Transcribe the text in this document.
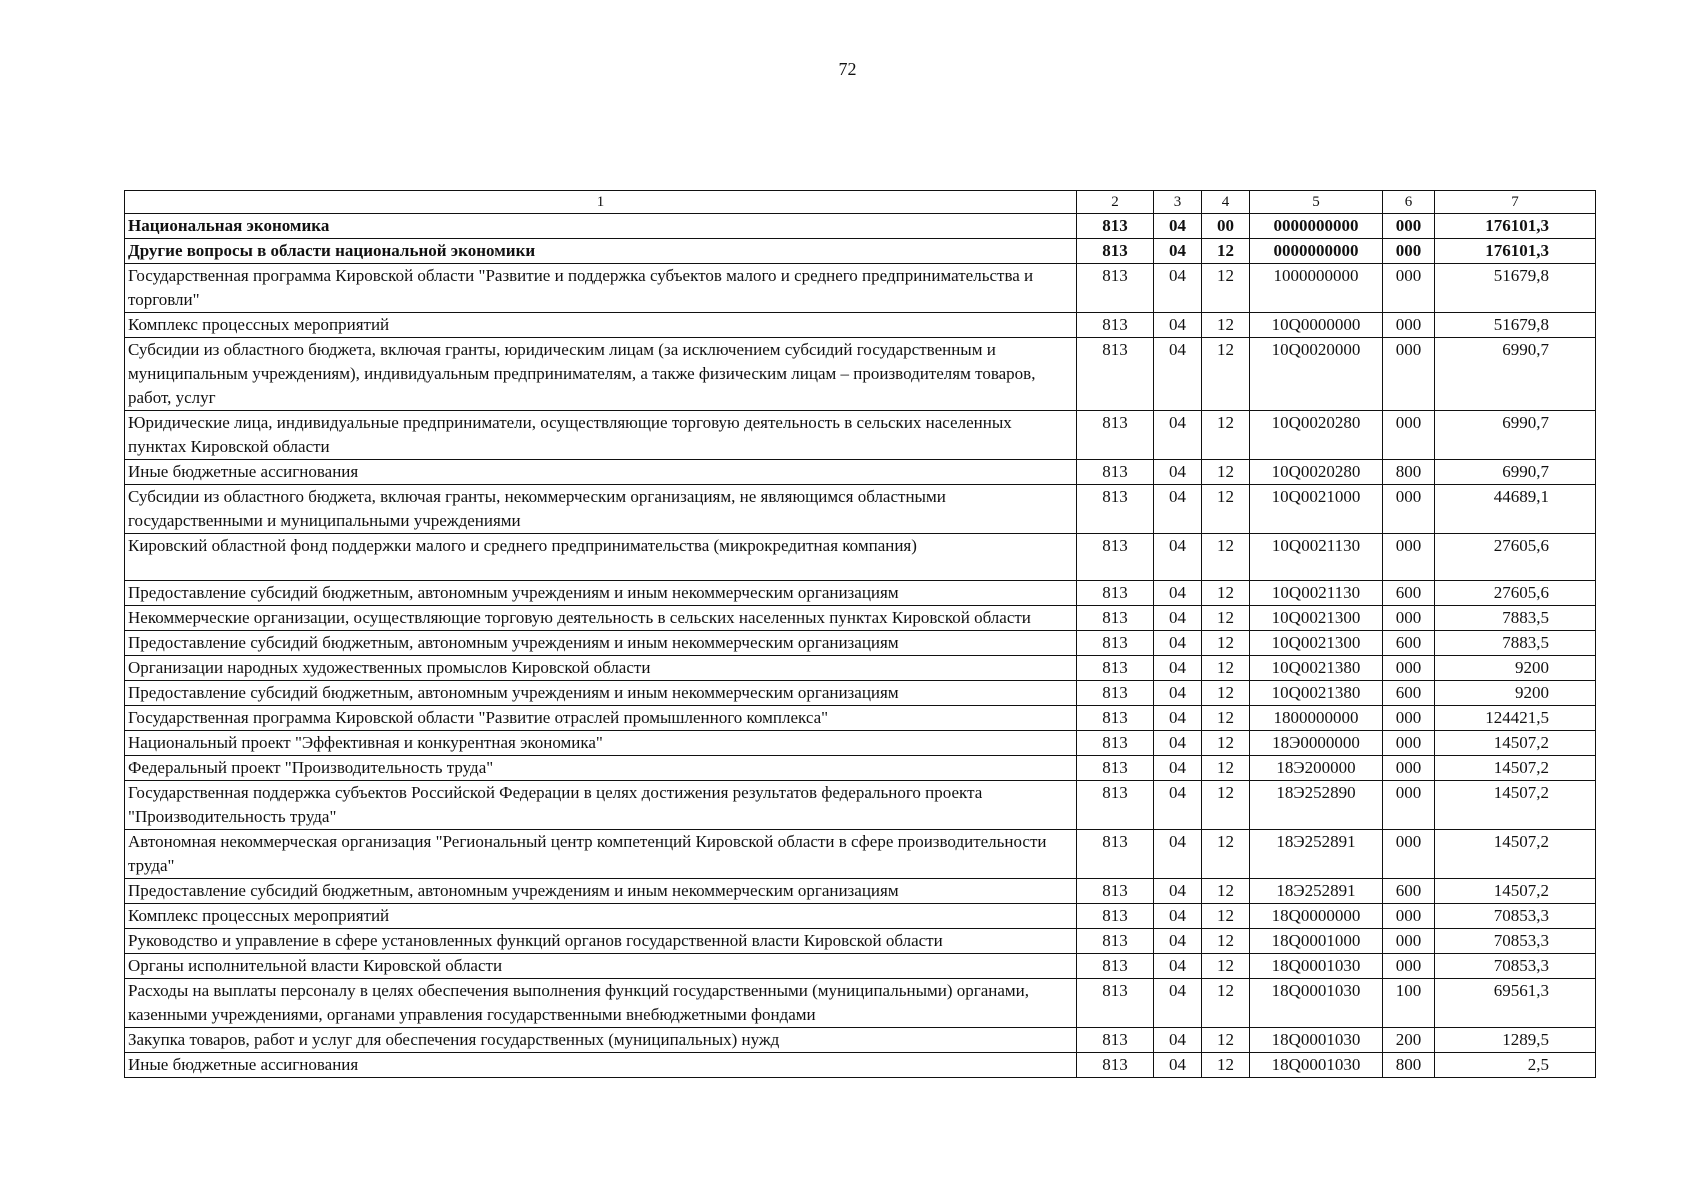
72
1	2	3	4	5	6	7
Национальная экономика	813	04	00	0000000000	000	176101,3
Другие вопросы в области национальной экономики	813	04	12	0000000000	000	176101,3
Государственная программа Кировской области "Развитие и поддержка субъектов малого и среднего предпринимательства и торговли"	813	04	12	1000000000	000	51679,8
Комплекс процессных мероприятий	813	04	12	10Q0000000	000	51679,8
Субсидии из областного бюджета, включая гранты, юридическим лицам (за исключением субсидий государственным и муниципальным учреждениям), индивидуальным предпринимателям, а также физическим лицам – производителям товаров, работ, услуг	813	04	12	10Q0020000	000	6990,7
Юридические лица, индивидуальные предприниматели, осуществляющие торговую деятельность в сельских населенных пунктах Кировской области	813	04	12	10Q0020280	000	6990,7
Иные бюджетные ассигнования	813	04	12	10Q0020280	800	6990,7
Субсидии из областного бюджета, включая гранты, некоммерческим организациям, не являющимся областными государственными и муниципальными учреждениями	813	04	12	10Q0021000	000	44689,1
Кировский областной фонд поддержки малого и среднего предпринимательства (микрокредитная компания)	813	04	12	10Q0021130	000	27605,6
Предоставление субсидий бюджетным, автономным учреждениям и иным некоммерческим организациям	813	04	12	10Q0021130	600	27605,6
Некоммерческие организации, осуществляющие торговую деятельность в сельских населенных пунктах Кировской области	813	04	12	10Q0021300	000	7883,5
Предоставление субсидий бюджетным, автономным учреждениям и иным некоммерческим организациям	813	04	12	10Q0021300	600	7883,5
Организации народных художественных промыслов Кировской области	813	04	12	10Q0021380	000	9200
Предоставление субсидий бюджетным, автономным учреждениям и иным некоммерческим организациям	813	04	12	10Q0021380	600	9200
Государственная программа Кировской области "Развитие отраслей промышленного комплекса"	813	04	12	1800000000	000	124421,5
Национальный проект "Эффективная и конкурентная экономика"	813	04	12	18Э0000000	000	14507,2
Федеральный проект "Производительность труда"	813	04	12	18Э200000	000	14507,2
Государственная поддержка субъектов Российской Федерации в целях достижения результатов федерального проекта "Производительность труда"	813	04	12	18Э252890	000	14507,2
Автономная некоммерческая организация "Региональный центр компетенций Кировской области в сфере производительности труда"	813	04	12	18Э252891	000	14507,2
Предоставление субсидий бюджетным, автономным учреждениям и иным некоммерческим организациям	813	04	12	18Э252891	600	14507,2
Комплекс процессных мероприятий	813	04	12	18Q0000000	000	70853,3
Руководство и управление в сфере установленных функций органов государственной власти Кировской области	813	04	12	18Q0001000	000	70853,3
Органы исполнительной власти Кировской области	813	04	12	18Q0001030	000	70853,3
Расходы на выплаты персоналу в целях обеспечения выполнения функций государственными (муниципальными) органами, казенными учреждениями, органами управления государственными внебюджетными фондами	813	04	12	18Q0001030	100	69561,3
Закупка товаров, работ и услуг для обеспечения государственных (муниципальных) нужд	813	04	12	18Q0001030	200	1289,5
Иные бюджетные ассигнования	813	04	12	18Q0001030	800	2,5
